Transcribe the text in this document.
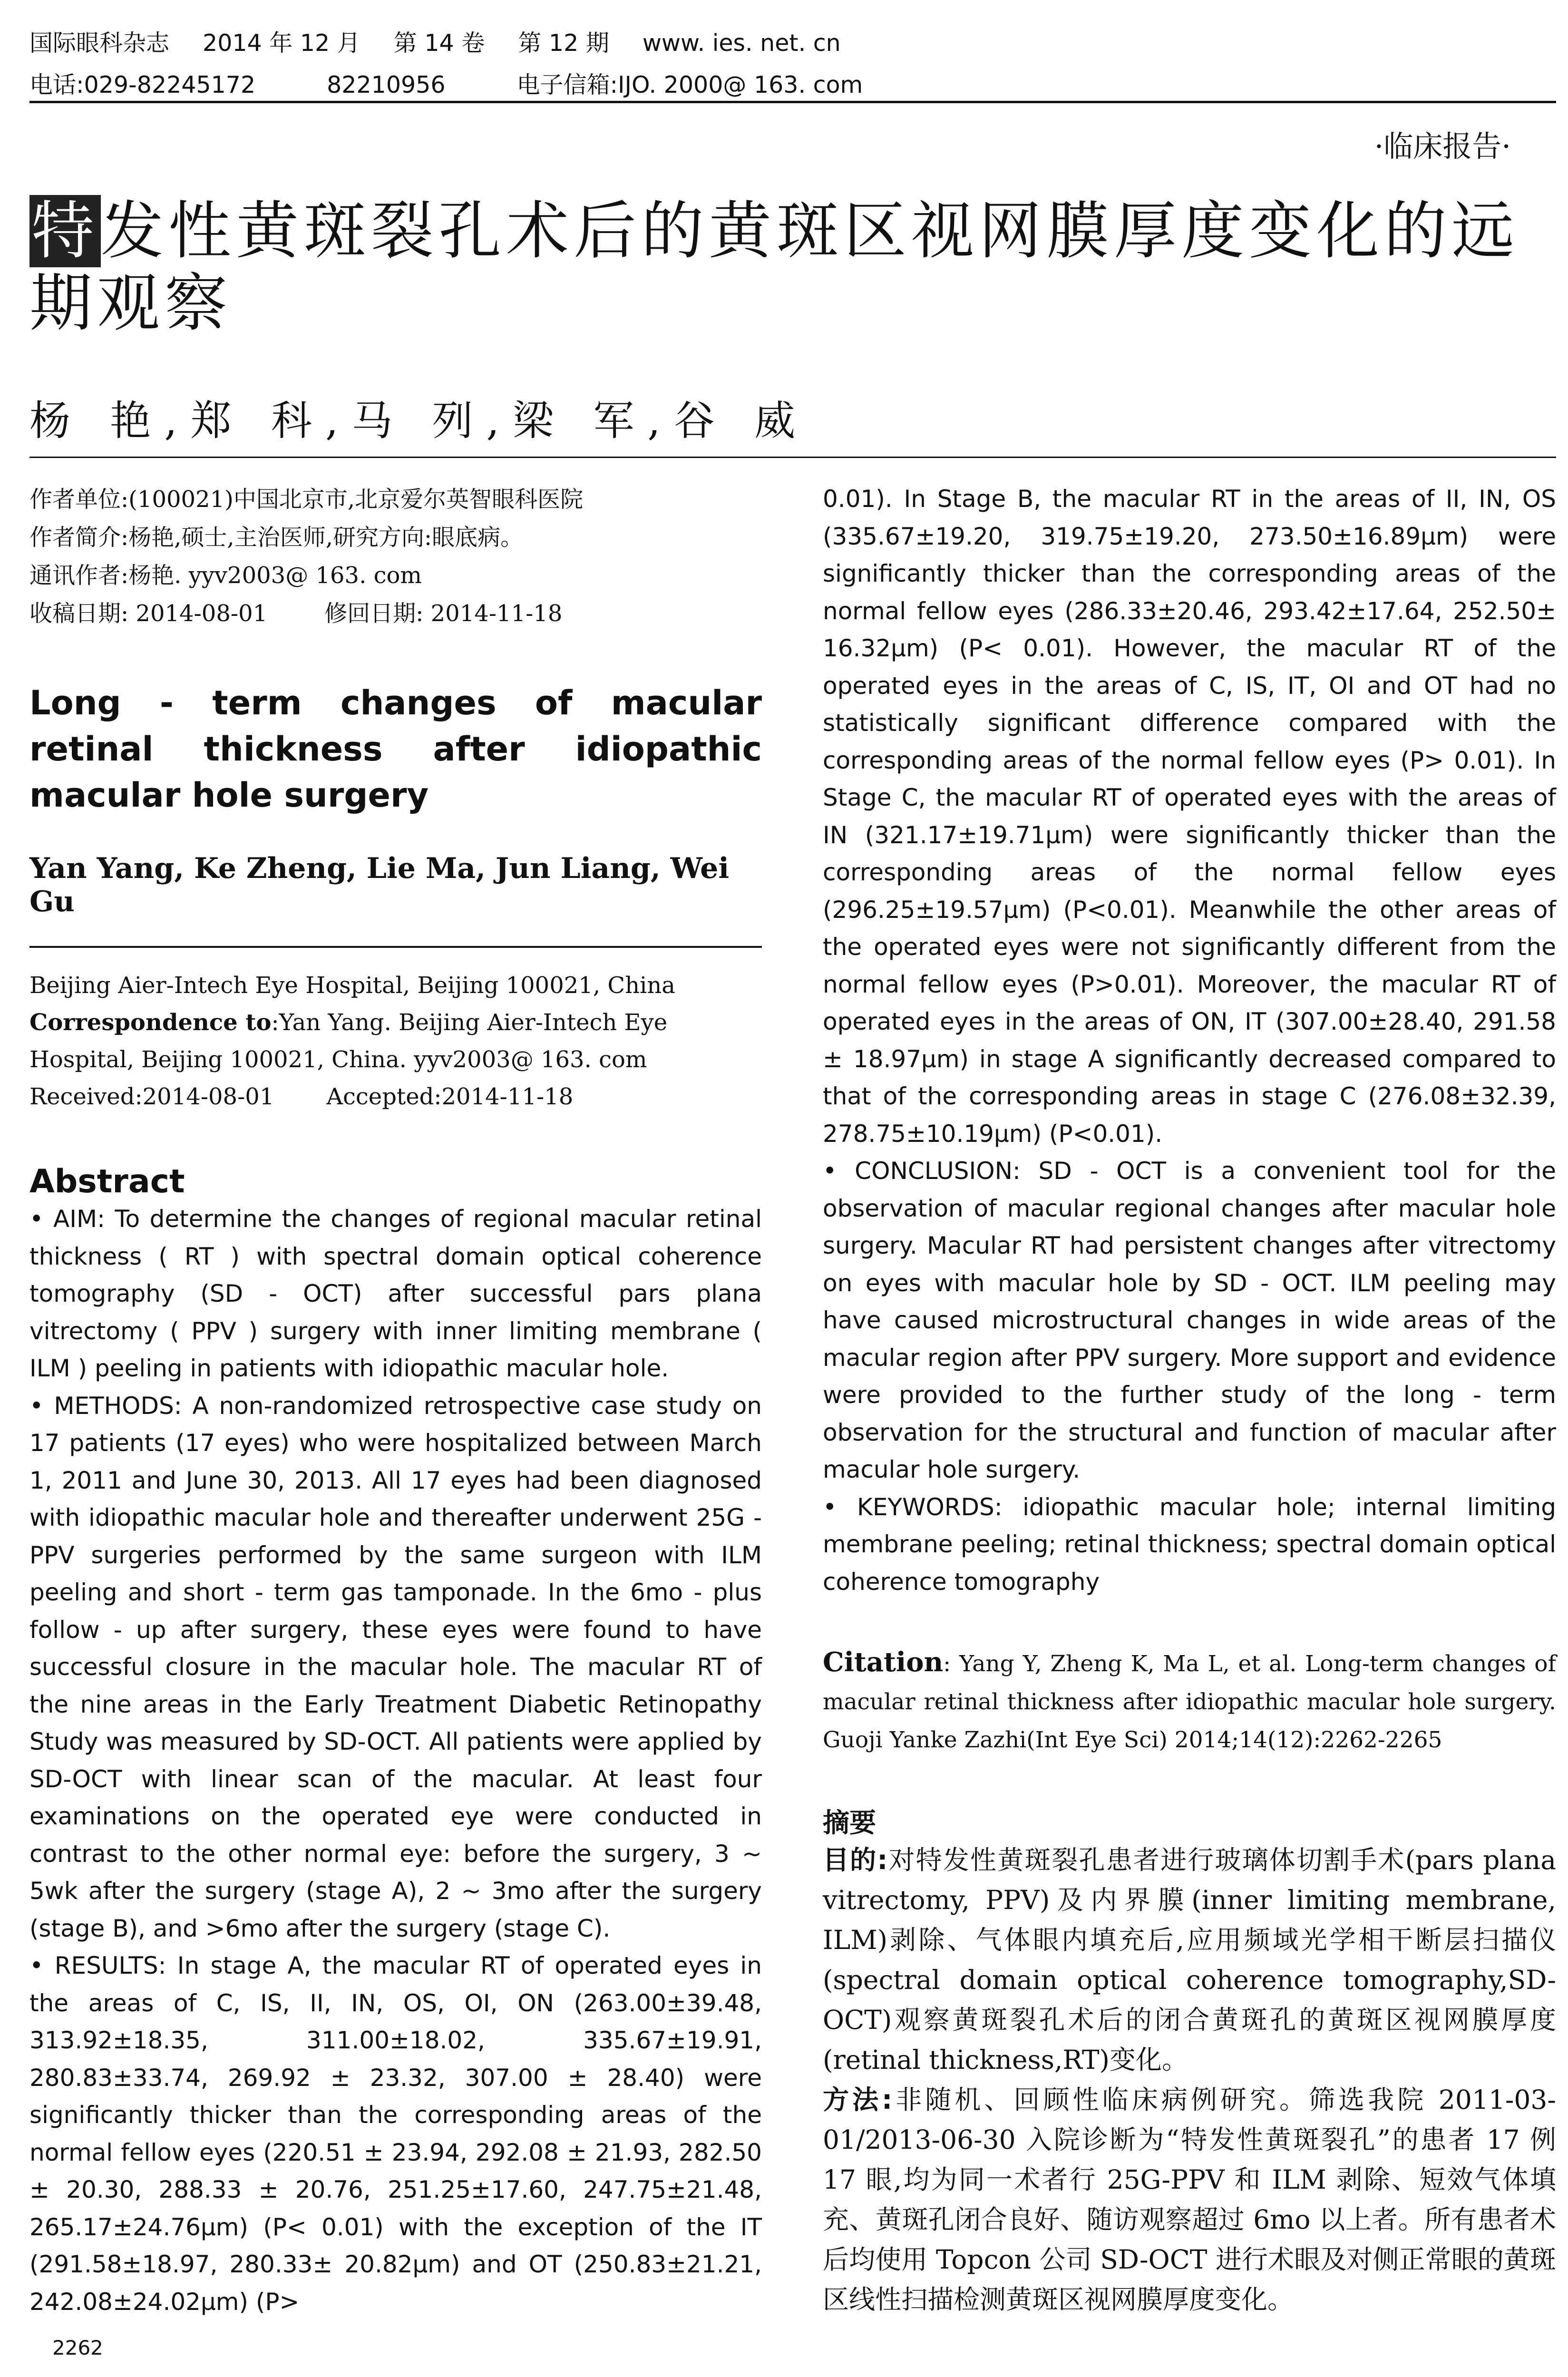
国际眼科杂志 2014 年 12 月 第 14 卷 第 12 期 www. ies. net. cn
电话:029-82245172	82210956	电子信箱:IJO. 2000@ 163. com
·临床报告·
特发性黄斑裂孔术后的黄斑区视网膜厚度变化的远期观察
杨 艳,郑 科,马 列,梁 军,谷 威
作者单位:(100021)中国北京市,北京爱尔英智眼科医院
作者简介:杨艳,硕士,主治医师,研究方向:眼底病。
通讯作者:杨艳. yyv2003@ 163. com
收稿日期: 2014-08-01	修回日期: 2014-11-18
Long - term changes of macular retinal thickness after idiopathic macular hole surgery
Yan Yang, Ke Zheng, Lie Ma, Jun Liang, Wei Gu
Beijing Aier-Intech Eye Hospital, Beijing 100021, China
Correspondence to:Yan Yang. Beijing Aier-Intech Eye Hospital, Beijing 100021, China. yyv2003@ 163. com
Received:2014-08-01 Accepted:2014-11-18
Abstract

• AIM: To determine the changes of regional macular retinal thickness ( RT ) with spectral domain optical coherence tomography (SD - OCT) after successful pars plana vitrectomy ( PPV ) surgery with inner limiting membrane ( ILM ) peeling in patients with idiopathic macular hole.

• METHODS: A non-randomized retrospective case study on 17 patients (17 eyes) who were hospitalized between March 1, 2011 and June 30, 2013. All 17 eyes had been diagnosed with idiopathic macular hole and thereafter underwent 25G - PPV surgeries performed by the same surgeon with ILM peeling and short - term gas tamponade. In the 6mo - plus follow - up after surgery, these eyes were found to have successful closure in the macular hole. The macular RT of the nine areas in the Early Treatment Diabetic Retinopathy Study was measured by SD-OCT. All patients were applied by SD-OCT with linear scan of the macular. At least four examinations on the operated eye were conducted in contrast to the other normal eye: before the surgery, 3 ~ 5wk after the surgery (stage A), 2 ~ 3mo after the surgery (stage B), and >6mo after the surgery (stage C).

• RESULTS: In stage A, the macular RT of operated eyes in the areas of C, IS, II, IN, OS, OI, ON (263.00±39.48, 313.92±18.35, 311.00±18.02, 335.67±19.91, 280.83±33.74, 269.92 ± 23.32, 307.00 ± 28.40) were significantly thicker than the corresponding areas of the normal fellow eyes (220.51 ± 23.94, 292.08 ± 21.93, 282.50 ± 20.30, 288.33 ± 20.76, 251.25±17.60, 247.75±21.48, 265.17±24.76μm) (P< 0.01) with the exception of the IT (291.58±18.97, 280.33± 20.82μm) and OT (250.83±21.21, 242.08±24.02μm) (P>

0.01). In Stage B, the macular RT in the areas of II, IN, OS (335.67±19.20, 319.75±19.20, 273.50±16.89μm) were significantly thicker than the corresponding areas of the normal fellow eyes (286.33±20.46, 293.42±17.64, 252.50± 16.32μm) (P< 0.01). However, the macular RT of the operated eyes in the areas of C, IS, IT, OI and OT had no statistically significant difference compared with the corresponding areas of the normal fellow eyes (P> 0.01). In Stage C, the macular RT of operated eyes with the areas of IN (321.17±19.71μm) were significantly thicker than the corresponding areas of the normal fellow eyes (296.25±19.57μm) (P<0.01). Meanwhile the other areas of the operated eyes were not significantly different from the normal fellow eyes (P>0.01). Moreover, the macular RT of operated eyes in the areas of ON, IT (307.00±28.40, 291.58 ± 18.97μm) in stage A significantly decreased compared to that of the corresponding areas in stage C (276.08±32.39, 278.75±10.19μm) (P<0.01).

• CONCLUSION: SD - OCT is a convenient tool for the observation of macular regional changes after macular hole surgery. Macular RT had persistent changes after vitrectomy on eyes with macular hole by SD - OCT. ILM peeling may have caused microstructural changes in wide areas of the macular region after PPV surgery. More support and evidence were provided to the further study of the long - term observation for the structural and function of macular after macular hole surgery.

• KEYWORDS: idiopathic macular hole; internal limiting membrane peeling; retinal thickness; spectral domain optical coherence tomography

Citation: Yang Y, Zheng K, Ma L, et al. Long-term changes of macular retinal thickness after idiopathic macular hole surgery. Guoji Yanke Zazhi(Int Eye Sci) 2014;14(12):2262-2265
摘要

目的:对特发性黄斑裂孔患者进行玻璃体切割手术(pars plana vitrectomy, PPV)及内界膜(inner limiting membrane, ILM)剥除、气体眼内填充后,应用频域光学相干断层扫描仪(spectral domain optical coherence tomography,SD-OCT)观察黄斑裂孔术后的闭合黄斑孔的黄斑区视网膜厚度(retinal thickness,RT)变化。

方法:非随机、回顾性临床病例研究。筛选我院 2011-03-01/2013-06-30 入院诊断为“特发性黄斑裂孔”的患者 17 例 17 眼,均为同一术者行 25G-PPV 和 ILM 剥除、短效气体填充、黄斑孔闭合良好、随访观察超过 6mo 以上者。所有患者术后均使用 Topcon 公司 SD-OCT 进行术眼及对侧正常眼的黄斑区线性扫描检测黄斑区视网膜厚度变化。

2262
